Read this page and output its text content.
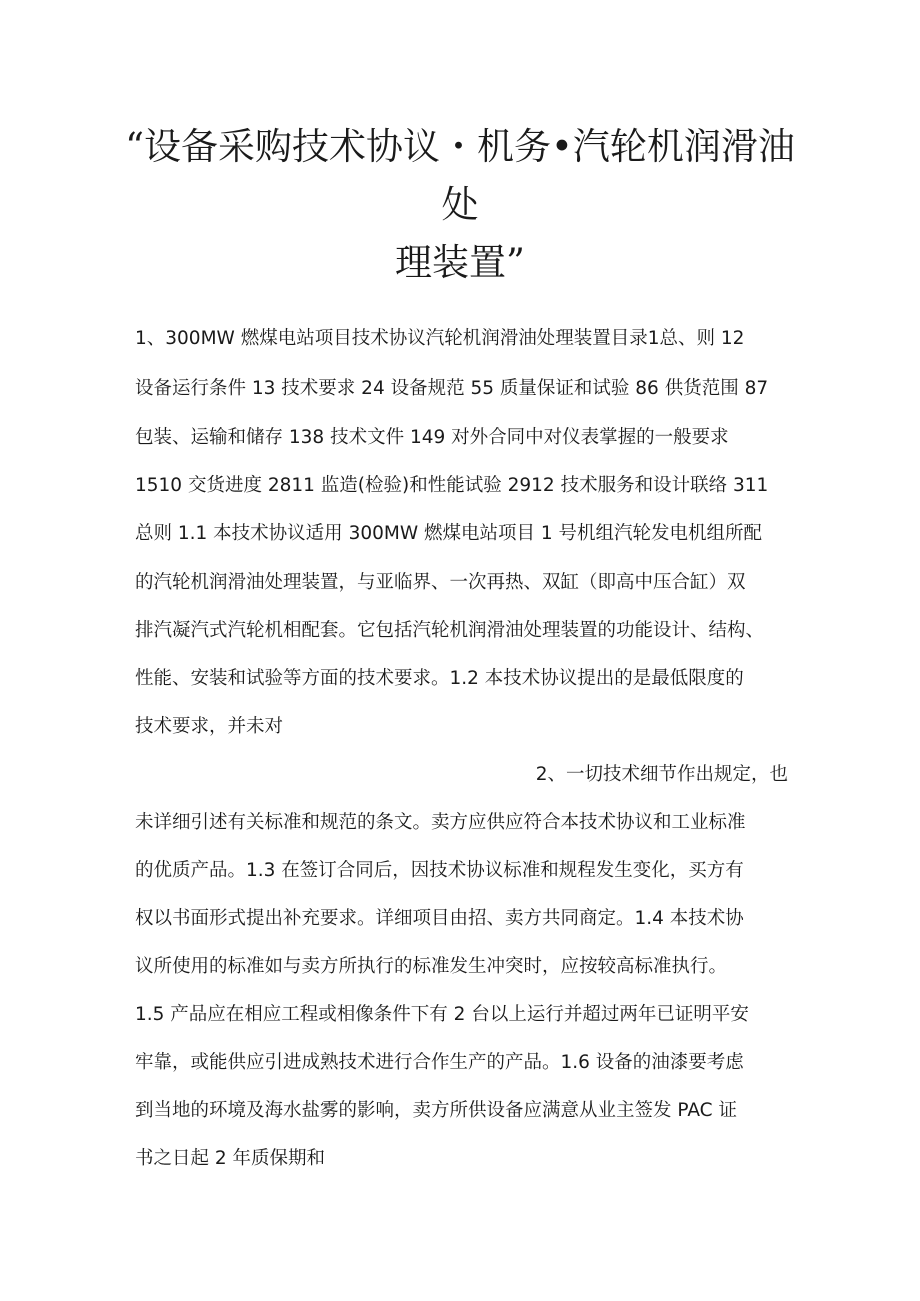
“设备采购技术协议・机务•汽轮机润滑油
处
理装置”
1、300MW 燃煤电站项目技术协议汽轮机润滑油处理装置目录1总、则 12
设备运行条件 13 技术要求 24 设备规范 55 质量保证和试验 86 供货范围 87
包装、运输和储存 138 技术文件 149 对外合同中对仪表掌握的一般要求
1510 交货进度 2811 监造(检验)和性能试验 2912 技术服务和设计联络 311
总则 1.1 本技术协议适用 300MW 燃煤电站项目 1 号机组汽轮发电机组所配
的汽轮机润滑油处理装置，与亚临界、一次再热、双缸（即高中压合缸）双
排汽凝汽式汽轮机相配套。它包括汽轮机润滑油处理装置的功能设计、结构、
性能、安装和试验等方面的技术要求。1.2 本技术协议提出的是最低限度的
技术要求，并未对
2、一切技术细节作出规定，也
未详细引述有关标准和规范的条文。卖方应供应符合本技术协议和工业标准
的优质产品。1.3 在签订合同后，因技术协议标准和规程发生变化，买方有
权以书面形式提出补充要求。详细项目由招、卖方共同商定。1.4 本技术协
议所使用的标准如与卖方所执行的标准发生冲突时，应按较高标准执行。
1.5 产品应在相应工程或相像条件下有 2 台以上运行并超过两年已证明平安
牢靠，或能供应引进成熟技术进行合作生产的产品。1.6 设备的油漆要考虑
到当地的环境及海水盐雾的影响，卖方所供设备应满意从业主签发 PAC 证
书之日起 2 年质保期和
